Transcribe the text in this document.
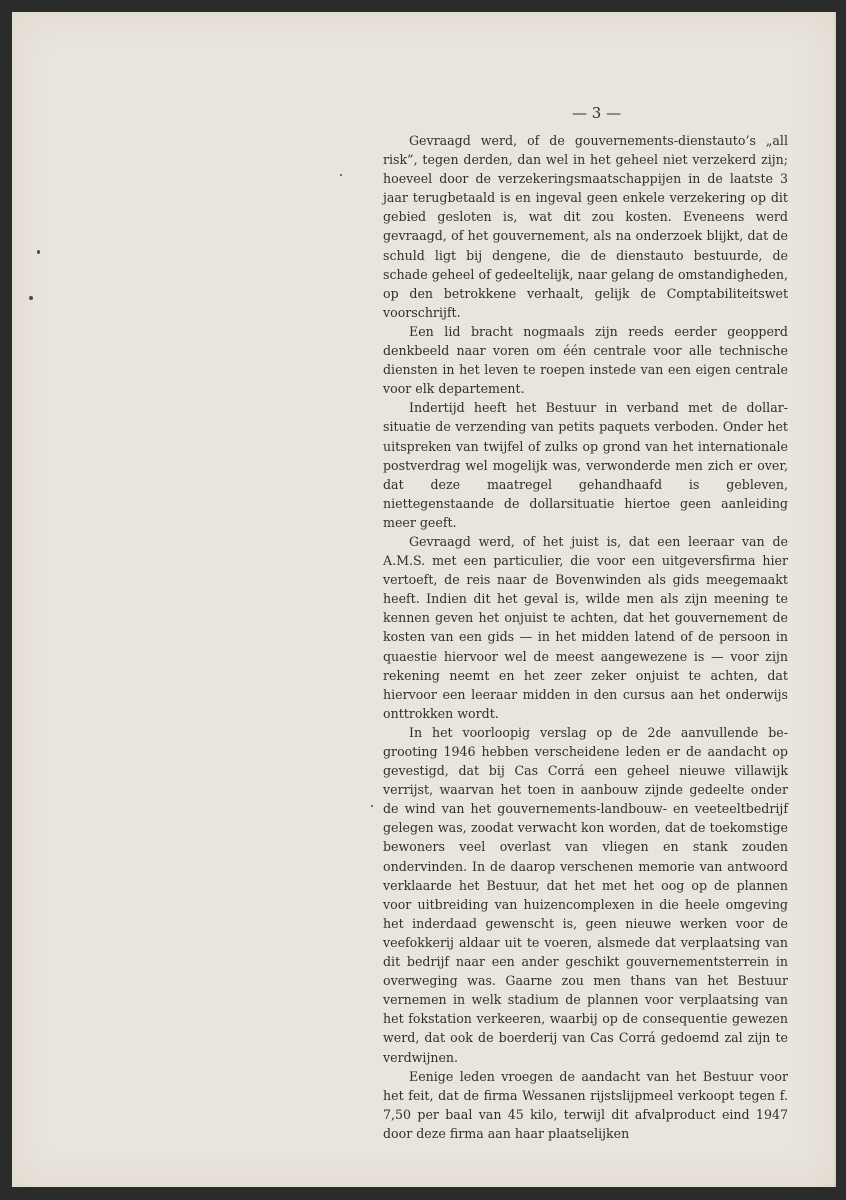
— 3 —

Gevraagd werd, of de gouvernements-dienstauto’s „all risk”, tegen derden, dan wel in het geheel niet verzekerd zijn; hoeveel door de verzekeringsmaatschappijen in de laatste 3 jaar terugbetaald is en ingeval geen enkele verzekering op dit gebied gesloten is, wat dit zou kosten. Eveneens werd gevraagd, of het gouvernement, als na onderzoek blijkt, dat de schuld ligt bij dengene, die de dienstauto bestuurde, de schade geheel of gedeeltelijk, naar gelang de omstandigheden, op den betrokkene verhaalt, gelijk de Comptabiliteitswet voorschrijft.

Een lid bracht nogmaals zijn reeds eerder geopperd denkbeeld naar voren om één centrale voor alle technische diensten in het leven te roepen instede van een eigen centrale voor elk departement.

Indertijd heeft het Bestuur in verband met de dollarsituatie de verzending van petits paquets verboden. Onder het uitspreken van twijfel of zulks op grond van het internationale postverdrag wel mogelijk was, verwonderde men zich er over, dat deze maatregel gehandhaafd is gebleven, niettegenstaande de dollarsituatie hiertoe geen aanleiding meer geeft.

Gevraagd werd, of het juist is, dat een leeraar van de A.M.S. met een particulier, die voor een uitgeversfirma hier vertoeft, de reis naar de Bovenwinden als gids meegemaakt heeft. Indien dit het geval is, wilde men als zijn meening te kennen geven het onjuist te achten, dat het gouvernement de kosten van een gids — in het midden latend of de persoon in quaestie hiervoor wel de meest aangewezene is — voor zijn rekening neemt en het zeer zeker onjuist te achten, dat hiervoor een leeraar midden in den cursus aan het onderwijs onttrokken wordt.

In het voorloopig verslag op de 2de aanvullende begrooting 1946 hebben verscheidene leden er de aandacht op gevestigd, dat bij Cas Corrá een geheel nieuwe villawijk verrijst, waarvan het toen in aanbouw zijnde gedeelte onder de wind van het gouvernements-landbouw- en veeteeltbedrijf gelegen was, zoodat verwacht kon worden, dat de toekomstige bewoners veel overlast van vliegen en stank zouden ondervinden. In de daarop verschenen memorie van antwoord verklaarde het Bestuur, dat het met het oog op de plannen voor uitbreiding van huizencomplexen in die heele omgeving het inderdaad gewenscht is, geen nieuwe werken voor de veefokkerij aldaar uit te voeren, alsmede dat verplaatsing van dit bedrijf naar een ander geschikt gouvernementsterrein in overweging was. Gaarne zou men thans van het Bestuur vernemen in welk stadium de plannen voor verplaatsing van het fokstation verkeeren, waarbij op de consequentie gewezen werd, dat ook de boerderij van Cas Corrá gedoemd zal zijn te verdwijnen.

Eenige leden vroegen de aandacht van het Bestuur voor het feit, dat de firma Wessanen rijstslijpmeel verkoopt tegen f. 7,50 per baal van 45 kilo, terwijl dit afvalproduct eind 1947 door deze firma aan haar plaatselijken
